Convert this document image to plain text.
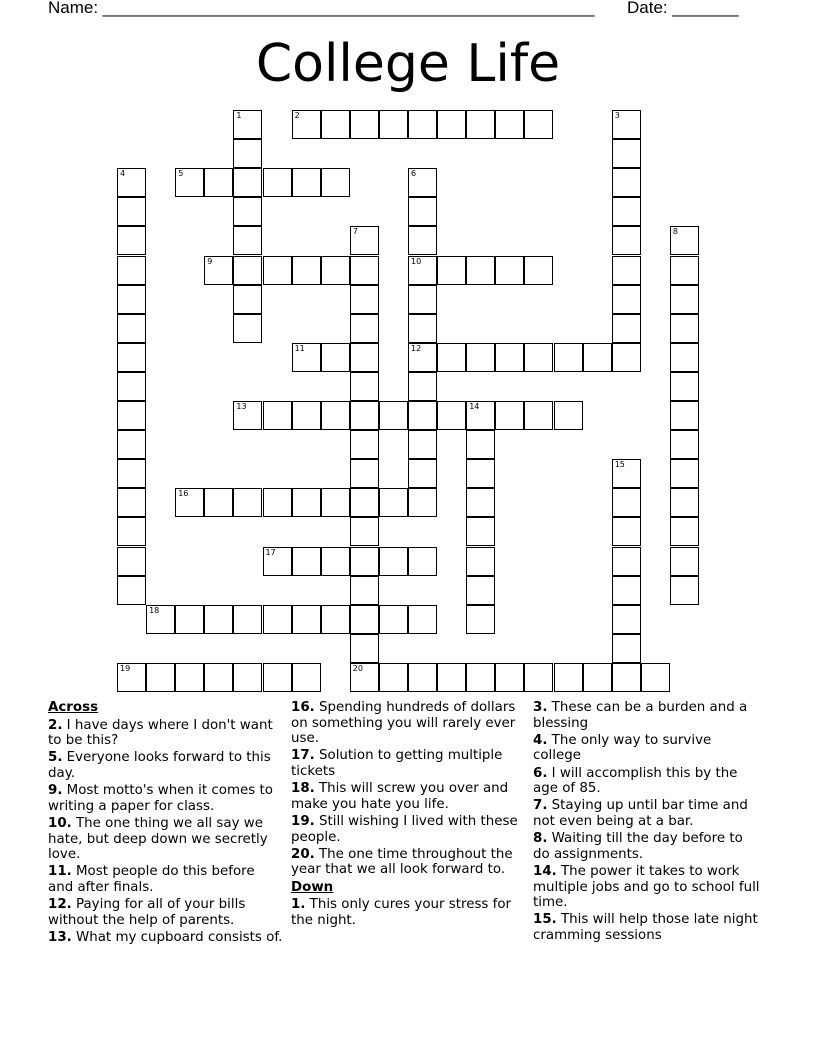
Name: ____________________________________________________ Date: _______
College Life
1	2	3
4	5	6
10
12
7
20
8
9
11
13	14
15
16
17
18
19
Across
2. I have days where I don't want to be this?
5. Everyone looks forward to this day.
9. Most motto's when it comes to writing a paper for class.
10. The one thing we all say we hate, but deep down we secretly love.
11. Most people do this before and after finals.
12. Paying for all of your bills without the help of parents.
13. What my cupboard consists of.
16. Spending hundreds of dollars on something you will rarely ever use.
17. Solution to getting multiple tickets
18. This will screw you over and make you hate you life.
19. Still wishing I lived with these people.
20. The one time throughout the year that we all look forward to.
Down
1. This only cures your stress for the night.
3. These can be a burden and a blessing
4. The only way to survive college
6. I will accomplish this by the age of 85.
7. Staying up until bar time and not even being at a bar.
8. Waiting till the day before to do assignments.
14. The power it takes to work multiple jobs and go to school full time.
15. This will help those late night cramming sessions
